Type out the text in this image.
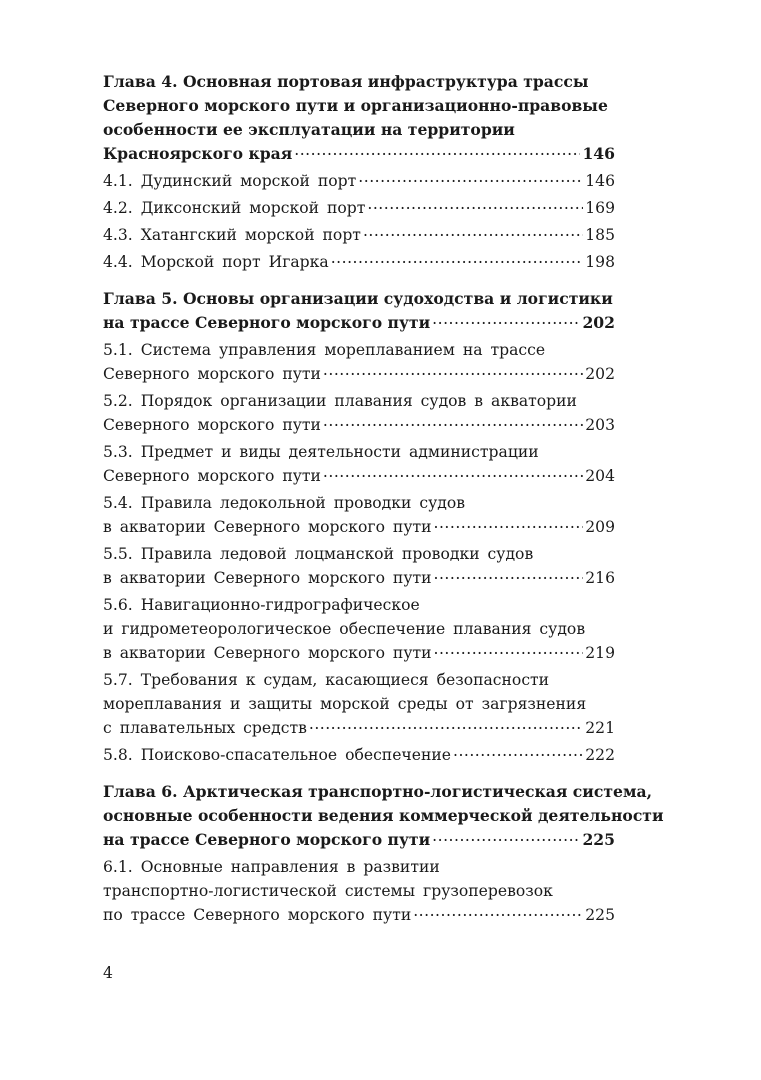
Глава 4. Основная портовая инфраструктура трассы
Северного морского пути и организационно-правовые
особенности ее эксплуатации на территории
Красноярского края .....	146
4.1. Дудинский морской порт .....	146
4.2. Диксонский морской порт .....	169
4.3. Хатангский морской порт .....	185
4.4. Морской порт Игарка .....	198
Глава 5. Основы организации судоходства и логистики
на трассе Северного морского пути .....	202
5.1. Система управления мореплаванием на трассе
Северного морского пути .....	202
5.2. Порядок организации плавания судов в акватории
Северного морского пути .....	203
5.3. Предмет и виды деятельности администрации
Северного морского пути .....	204
5.4. Правила ледокольной проводки судов
в акватории Северного морского пути .....	209
5.5. Правила ледовой лоцманской проводки судов
в акватории Северного морского пути .....	216
5.6. Навигационно-гидрографическое
и гидрометеорологическое обеспечение плавания судов
в акватории Северного морского пути .....	219
5.7. Требования к судам, касающиеся безопасности
мореплавания и защиты морской среды от загрязнения
с плавательных средств .....	221
5.8. Поисково-спасательное обеспечение .....	222
Глава 6. Арктическая транспортно-логистическая система,
основные особенности ведения коммерческой деятельности
на трассе Северного морского пути .....	225
6.1. Основные направления в развитии
транспортно-логистической системы грузоперевозок
по трассе Северного морского пути .....	225
4
